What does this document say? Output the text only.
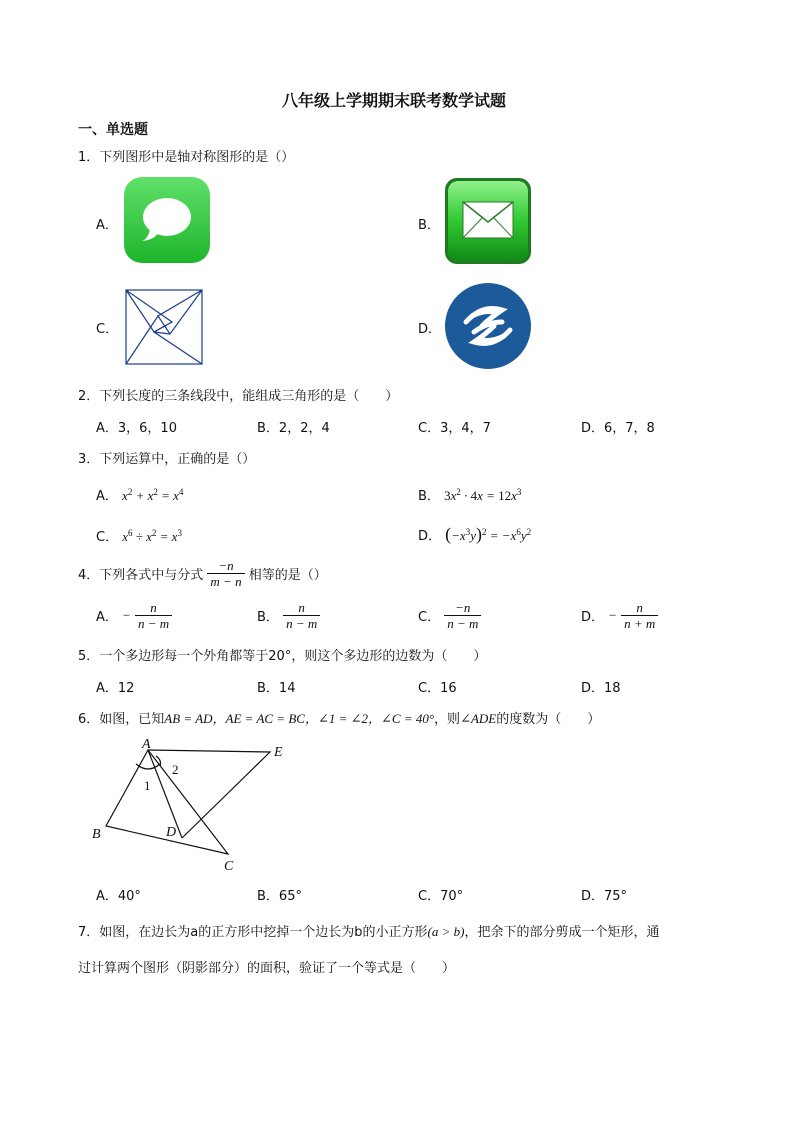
八年级上学期期末联考数学试题
一、单选题
1．下列图形中是轴对称图形的是（）
A．	B．
C．	D．
2．下列长度的三条线段中，能组成三角形的是（　　）
A．3，6，10	B．2，2，4	C．3，4，7	D．6，7，8
3．下列运算中，正确的是（）
A． $x^2 + x^2 = x^4$	B． $3x^2 \cdot 4x = 12x^3$
C． $x^6 \div x^2 = x^3$	D． $(-x^3y)^2 = -x^6y^2$
4．下列各式中与分式 $\frac{-n}{m - n}$ 相等的是（）
A． − $\frac{n}{n - m}$	B． $\frac{n}{n - m}$	C． $\frac{-n}{n - m}$	D． − $\frac{n}{n + m}$
5．一个多边形每一个外角都等于20°，则这个多边形的边数为（　　）
A．12	B．14	C．16	D．18
6．如图，已知AB = AD，AE = AC = BC，∠1 = ∠2，∠C = 40°，则∠ADE的度数为（　　）
A
E
B	D
C
1
2
A．40°	B．65°	C．70°	D．75°
7．如图，在边长为a的正方形中挖掉一个边长为b的小正方形(a > b)，把余下的部分剪成一个矩形，通
过计算两个图形（阴影部分）的面积，验证了一个等式是（　　）
